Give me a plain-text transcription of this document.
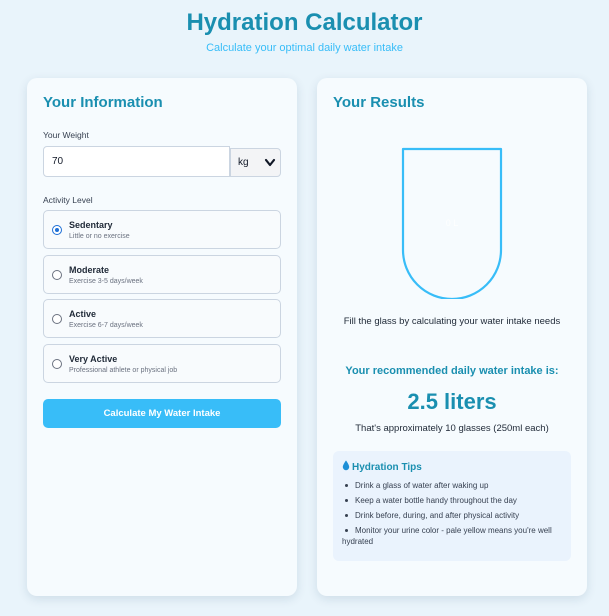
Hydration Calculator
Calculate your optimal daily water intake
Your Information
Your Weight
70	kg
Activity Level
Sedentary
Little or no exercise
Moderate
Exercise 3-5 days/week
Active
Exercise 6-7 days/week
Very Active
Professional athlete or physical job
Calculate My Water Intake
Your Results
0 L
Fill the glass by calculating your water intake needs
Your recommended daily water intake is:
2.5 liters
That's approximately 10 glasses (250ml each)
Hydration Tips
Drink a glass of water after waking up
Keep a water bottle handy throughout the day
Drink before, during, and after physical activity
Monitor your urine color - pale yellow means you're well hydrated
